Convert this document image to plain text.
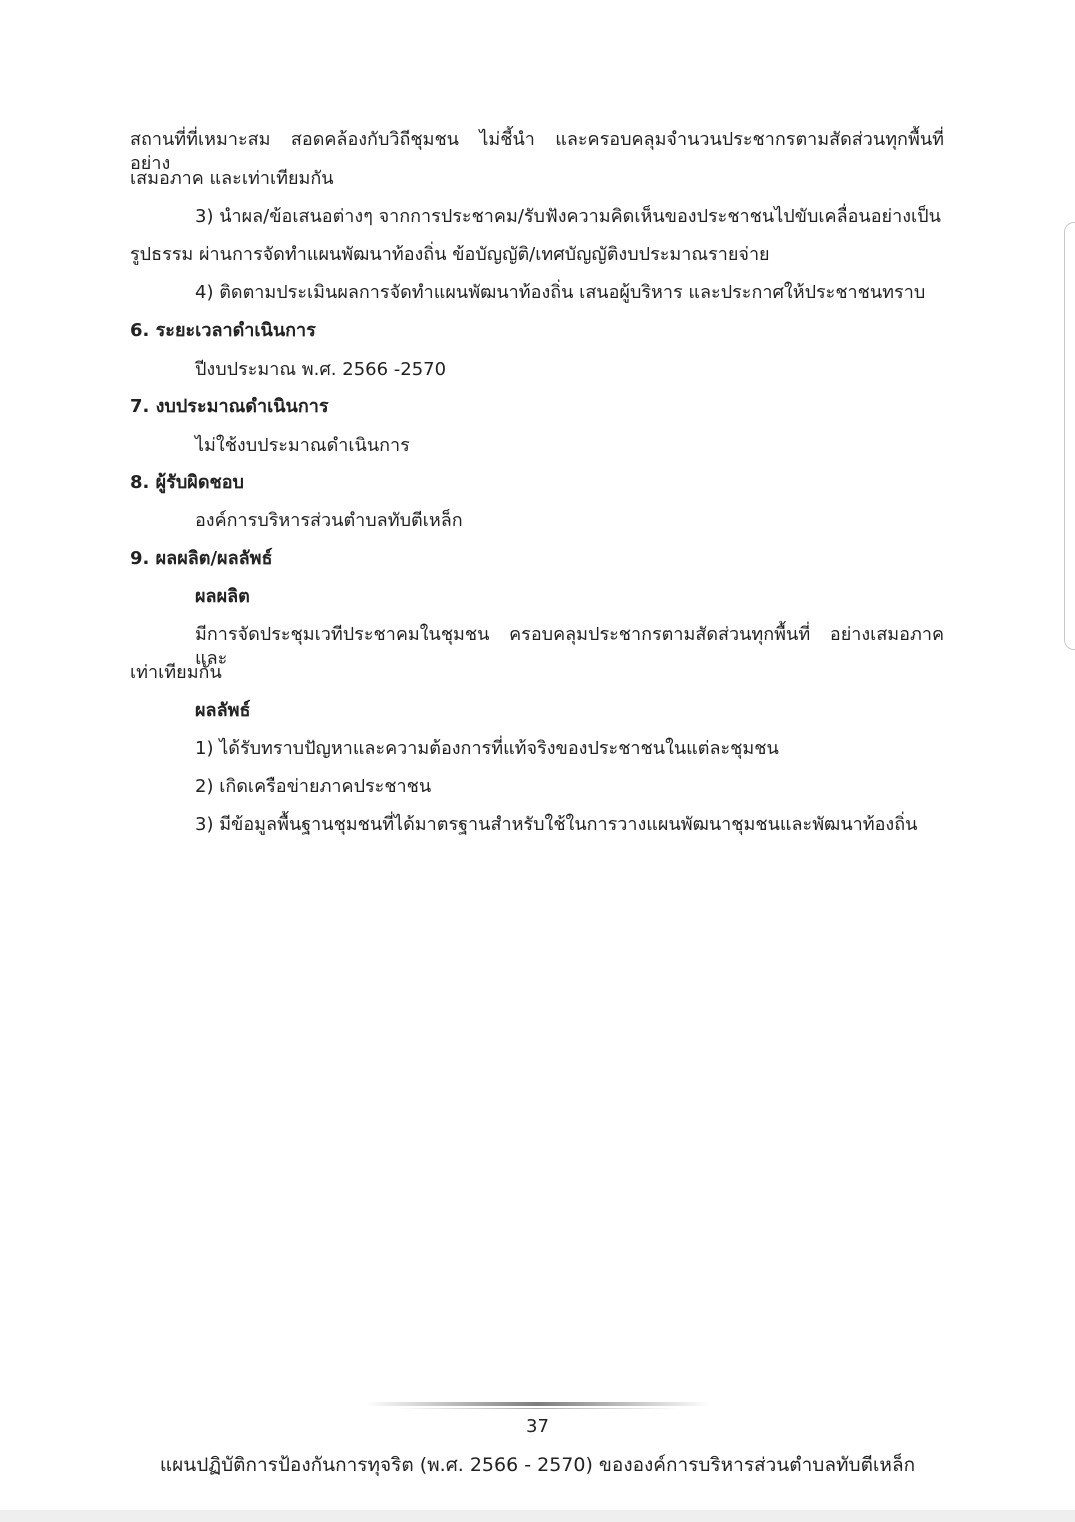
สถานที่ที่เหมาะสม สอดคล้องกับวิถีชุมชน ไม่ชี้นำ และครอบคลุมจำนวนประชากรตามสัดส่วนทุกพื้นที่ อย่าง

เสมอภาค และเท่าเทียมกัน

3) นำผล/ข้อเสนอต่างๆ จากการประชาคม/รับฟังความคิดเห็นของประชาชนไปขับเคลื่อนอย่างเป็น

รูปธรรม ผ่านการจัดทำแผนพัฒนาท้องถิ่น ข้อบัญญัติ/เทศบัญญัติงบประมาณรายจ่าย

4) ติดตามประเมินผลการจัดทำแผนพัฒนาท้องถิ่น เสนอผู้บริหาร และประกาศให้ประชาชนทราบ

6. ระยะเวลาดำเนินการ

ปีงบประมาณ พ.ศ. 2566 -2570

7. งบประมาณดำเนินการ

ไม่ใช้งบประมาณดำเนินการ

8. ผู้รับผิดชอบ

องค์การบริหารส่วนตำบลทับตีเหล็ก

9. ผลผลิต/ผลลัพธ์

ผลผลิต

มีการจัดประชุมเวทีประชาคมในชุมชน ครอบคลุมประชากรตามสัดส่วนทุกพื้นที่ อย่างเสมอภาค และ

เท่าเทียมกัน

ผลลัพธ์

1) ได้รับทราบปัญหาและความต้องการที่แท้จริงของประชาชนในแต่ละชุมชน

2) เกิดเครือข่ายภาคประชาชน

3) มีข้อมูลพื้นฐานชุมชนที่ได้มาตรฐานสำหรับใช้ในการวางแผนพัฒนาชุมชนและพัฒนาท้องถิ่น

37
แผนปฏิบัติการป้องกันการทุจริต (พ.ศ. 2566 - 2570) ขององค์การบริหารส่วนตำบลทับตีเหล็ก
